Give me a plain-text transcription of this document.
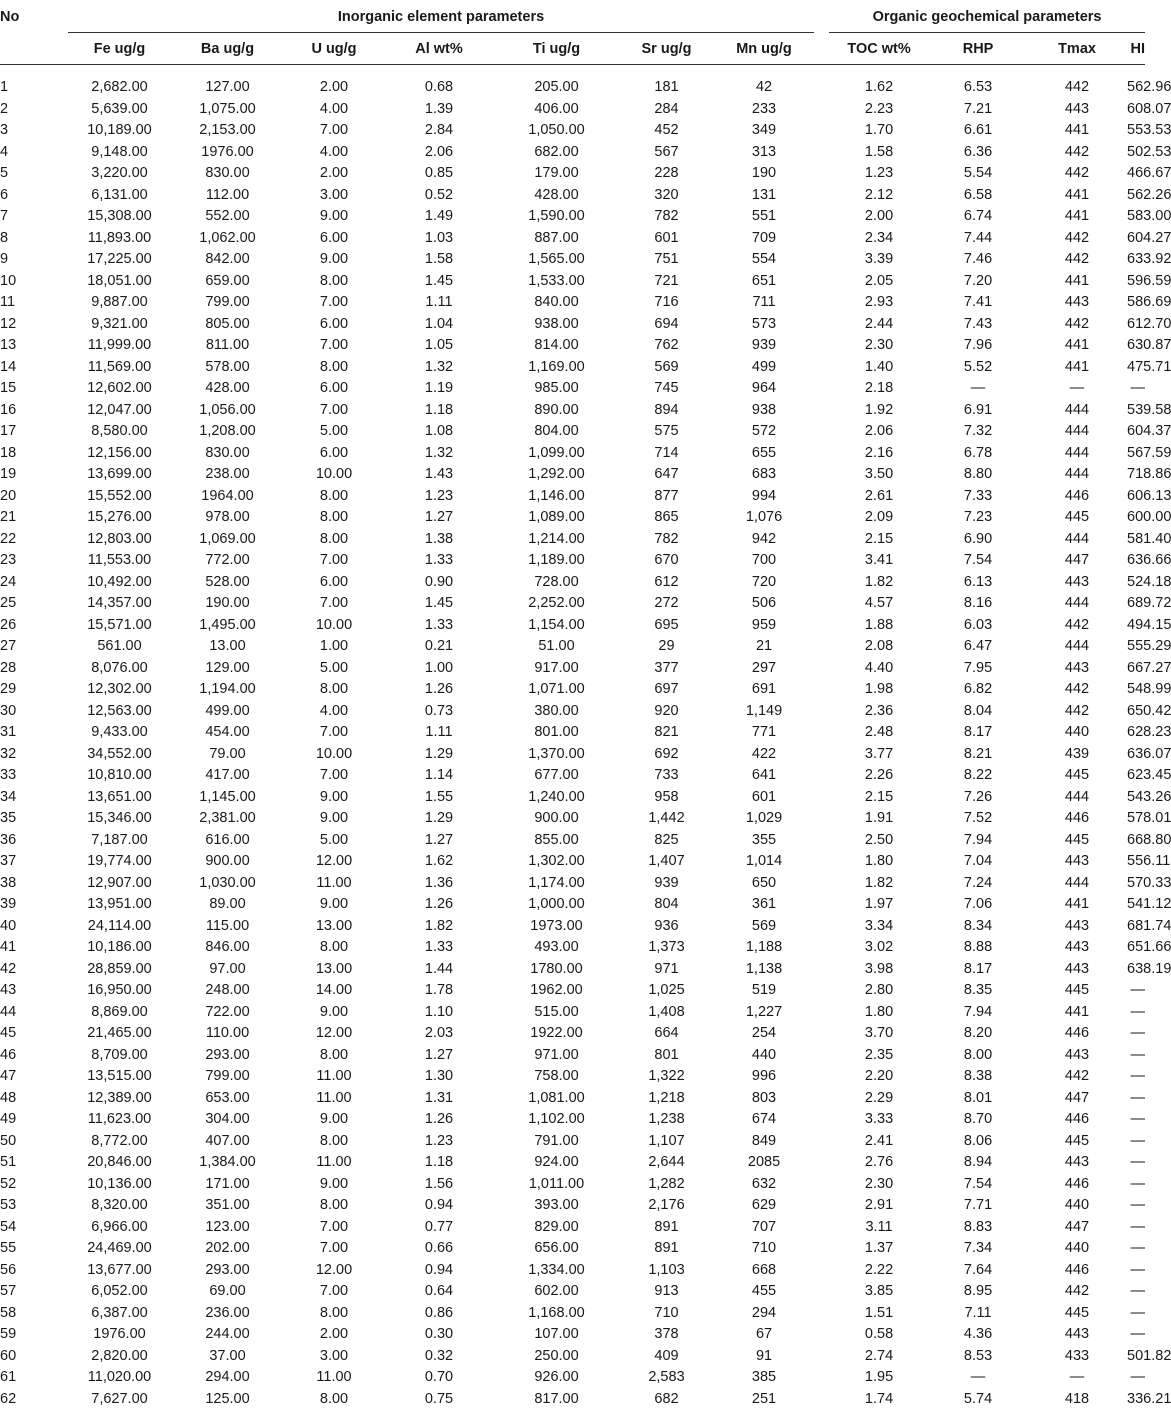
No	Inorganic element parameters								Organic geochemical parameters			

	Fe ug/g	Ba ug/g	U ug/g	Al wt%	Ti ug/g	Sr ug/g	Mn ug/g		TOC wt%	RHP	Tmax	HI

1	2,682.00	127.00	2.00	0.68	205.00	181	42		1.62	6.53	442	562.96
2	5,639.00	1,075.00	4.00	1.39	406.00	284	233		2.23	7.21	443	608.07
3	10,189.00	2,153.00	7.00	2.84	1,050.00	452	349		1.70	6.61	441	553.53
4	9,148.00	1976.00	4.00	2.06	682.00	567	313		1.58	6.36	442	502.53
5	3,220.00	830.00	2.00	0.85	179.00	228	190		1.23	5.54	442	466.67
6	6,131.00	112.00	3.00	0.52	428.00	320	131		2.12	6.58	441	562.26
7	15,308.00	552.00	9.00	1.49	1,590.00	782	551		2.00	6.74	441	583.00
8	11,893.00	1,062.00	6.00	1.03	887.00	601	709		2.34	7.44	442	604.27
9	17,225.00	842.00	9.00	1.58	1,565.00	751	554		3.39	7.46	442	633.92
10	18,051.00	659.00	8.00	1.45	1,533.00	721	651		2.05	7.20	441	596.59
11	9,887.00	799.00	7.00	1.11	840.00	716	711		2.93	7.41	443	586.69
12	9,321.00	805.00	6.00	1.04	938.00	694	573		2.44	7.43	442	612.70
13	11,999.00	811.00	7.00	1.05	814.00	762	939		2.30	7.96	441	630.87
14	11,569.00	578.00	8.00	1.32	1,169.00	569	499		1.40	5.52	441	475.71
15	12,602.00	428.00	6.00	1.19	985.00	745	964		2.18	—	—	—
16	12,047.00	1,056.00	7.00	1.18	890.00	894	938		1.92	6.91	444	539.58
17	8,580.00	1,208.00	5.00	1.08	804.00	575	572		2.06	7.32	444	604.37
18	12,156.00	830.00	6.00	1.32	1,099.00	714	655		2.16	6.78	444	567.59
19	13,699.00	238.00	10.00	1.43	1,292.00	647	683		3.50	8.80	444	718.86
20	15,552.00	1964.00	8.00	1.23	1,146.00	877	994		2.61	7.33	446	606.13
21	15,276.00	978.00	8.00	1.27	1,089.00	865	1,076		2.09	7.23	445	600.00
22	12,803.00	1,069.00	8.00	1.38	1,214.00	782	942		2.15	6.90	444	581.40
23	11,553.00	772.00	7.00	1.33	1,189.00	670	700		3.41	7.54	447	636.66
24	10,492.00	528.00	6.00	0.90	728.00	612	720		1.82	6.13	443	524.18
25	14,357.00	190.00	7.00	1.45	2,252.00	272	506		4.57	8.16	444	689.72
26	15,571.00	1,495.00	10.00	1.33	1,154.00	695	959		1.88	6.03	442	494.15
27	561.00	13.00	1.00	0.21	51.00	29	21		2.08	6.47	444	555.29
28	8,076.00	129.00	5.00	1.00	917.00	377	297		4.40	7.95	443	667.27
29	12,302.00	1,194.00	8.00	1.26	1,071.00	697	691		1.98	6.82	442	548.99
30	12,563.00	499.00	4.00	0.73	380.00	920	1,149		2.36	8.04	442	650.42
31	9,433.00	454.00	7.00	1.11	801.00	821	771		2.48	8.17	440	628.23
32	34,552.00	79.00	10.00	1.29	1,370.00	692	422		3.77	8.21	439	636.07
33	10,810.00	417.00	7.00	1.14	677.00	733	641		2.26	8.22	445	623.45
34	13,651.00	1,145.00	9.00	1.55	1,240.00	958	601		2.15	7.26	444	543.26
35	15,346.00	2,381.00	9.00	1.29	900.00	1,442	1,029		1.91	7.52	446	578.01
36	7,187.00	616.00	5.00	1.27	855.00	825	355		2.50	7.94	445	668.80
37	19,774.00	900.00	12.00	1.62	1,302.00	1,407	1,014		1.80	7.04	443	556.11
38	12,907.00	1,030.00	11.00	1.36	1,174.00	939	650		1.82	7.24	444	570.33
39	13,951.00	89.00	9.00	1.26	1,000.00	804	361		1.97	7.06	441	541.12
40	24,114.00	115.00	13.00	1.82	1973.00	936	569		3.34	8.34	443	681.74
41	10,186.00	846.00	8.00	1.33	493.00	1,373	1,188		3.02	8.88	443	651.66
42	28,859.00	97.00	13.00	1.44	1780.00	971	1,138		3.98	8.17	443	638.19
43	16,950.00	248.00	14.00	1.78	1962.00	1,025	519		2.80	8.35	445	—
44	8,869.00	722.00	9.00	1.10	515.00	1,408	1,227		1.80	7.94	441	—
45	21,465.00	110.00	12.00	2.03	1922.00	664	254		3.70	8.20	446	—
46	8,709.00	293.00	8.00	1.27	971.00	801	440		2.35	8.00	443	—
47	13,515.00	799.00	11.00	1.30	758.00	1,322	996		2.20	8.38	442	—
48	12,389.00	653.00	11.00	1.31	1,081.00	1,218	803		2.29	8.01	447	—
49	11,623.00	304.00	9.00	1.26	1,102.00	1,238	674		3.33	8.70	446	—
50	8,772.00	407.00	8.00	1.23	791.00	1,107	849		2.41	8.06	445	—
51	20,846.00	1,384.00	11.00	1.18	924.00	2,644	2085		2.76	8.94	443	—
52	10,136.00	171.00	9.00	1.56	1,011.00	1,282	632		2.30	7.54	446	—
53	8,320.00	351.00	8.00	0.94	393.00	2,176	629		2.91	7.71	440	—
54	6,966.00	123.00	7.00	0.77	829.00	891	707		3.11	8.83	447	—
55	24,469.00	202.00	7.00	0.66	656.00	891	710		1.37	7.34	440	—
56	13,677.00	293.00	12.00	0.94	1,334.00	1,103	668		2.22	7.64	446	—
57	6,052.00	69.00	7.00	0.64	602.00	913	455		3.85	8.95	442	—
58	6,387.00	236.00	8.00	0.86	1,168.00	710	294		1.51	7.11	445	—
59	1976.00	244.00	2.00	0.30	107.00	378	67		0.58	4.36	443	—
60	2,820.00	37.00	3.00	0.32	250.00	409	91		2.74	8.53	433	501.82
61	11,020.00	294.00	11.00	0.70	926.00	2,583	385		1.95	—	—	—
62	7,627.00	125.00	8.00	0.75	817.00	682	251		1.74	5.74	418	336.21
